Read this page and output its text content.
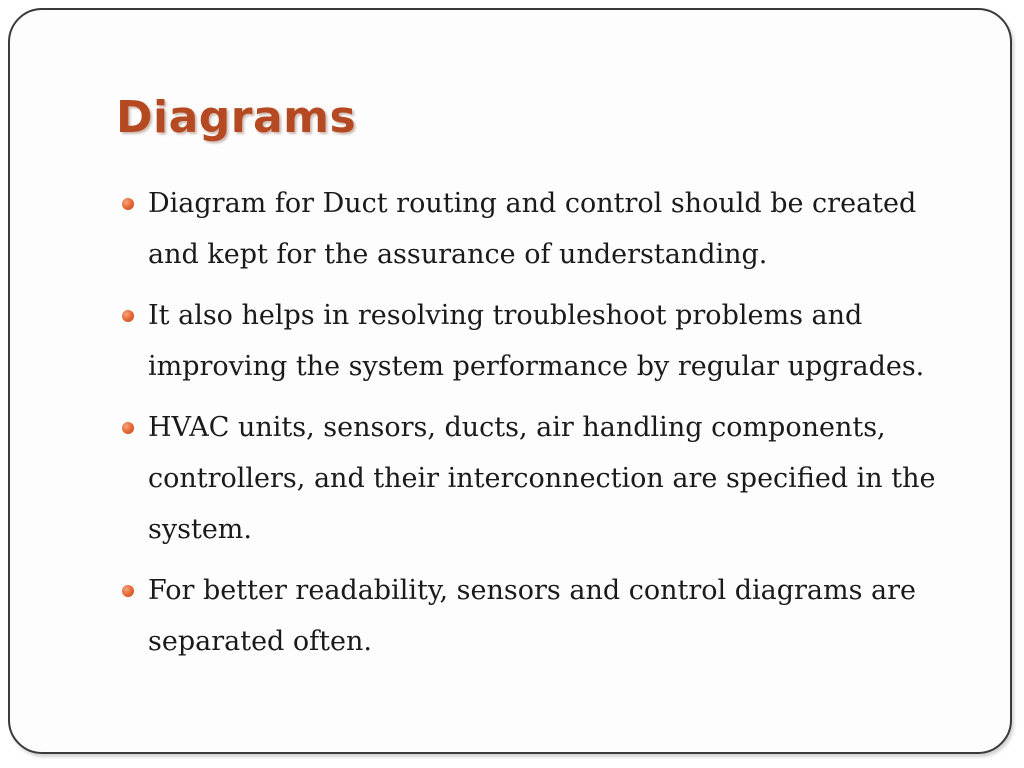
Diagrams
Diagram for Duct routing and control should be created and kept for the assurance of understanding.
It also helps in resolving troubleshoot problems and improving the system performance by regular upgrades.
HVAC units, sensors, ducts, air handling components, controllers, and their interconnection are specified in the system.
For better readability, sensors and control diagrams are separated often.
